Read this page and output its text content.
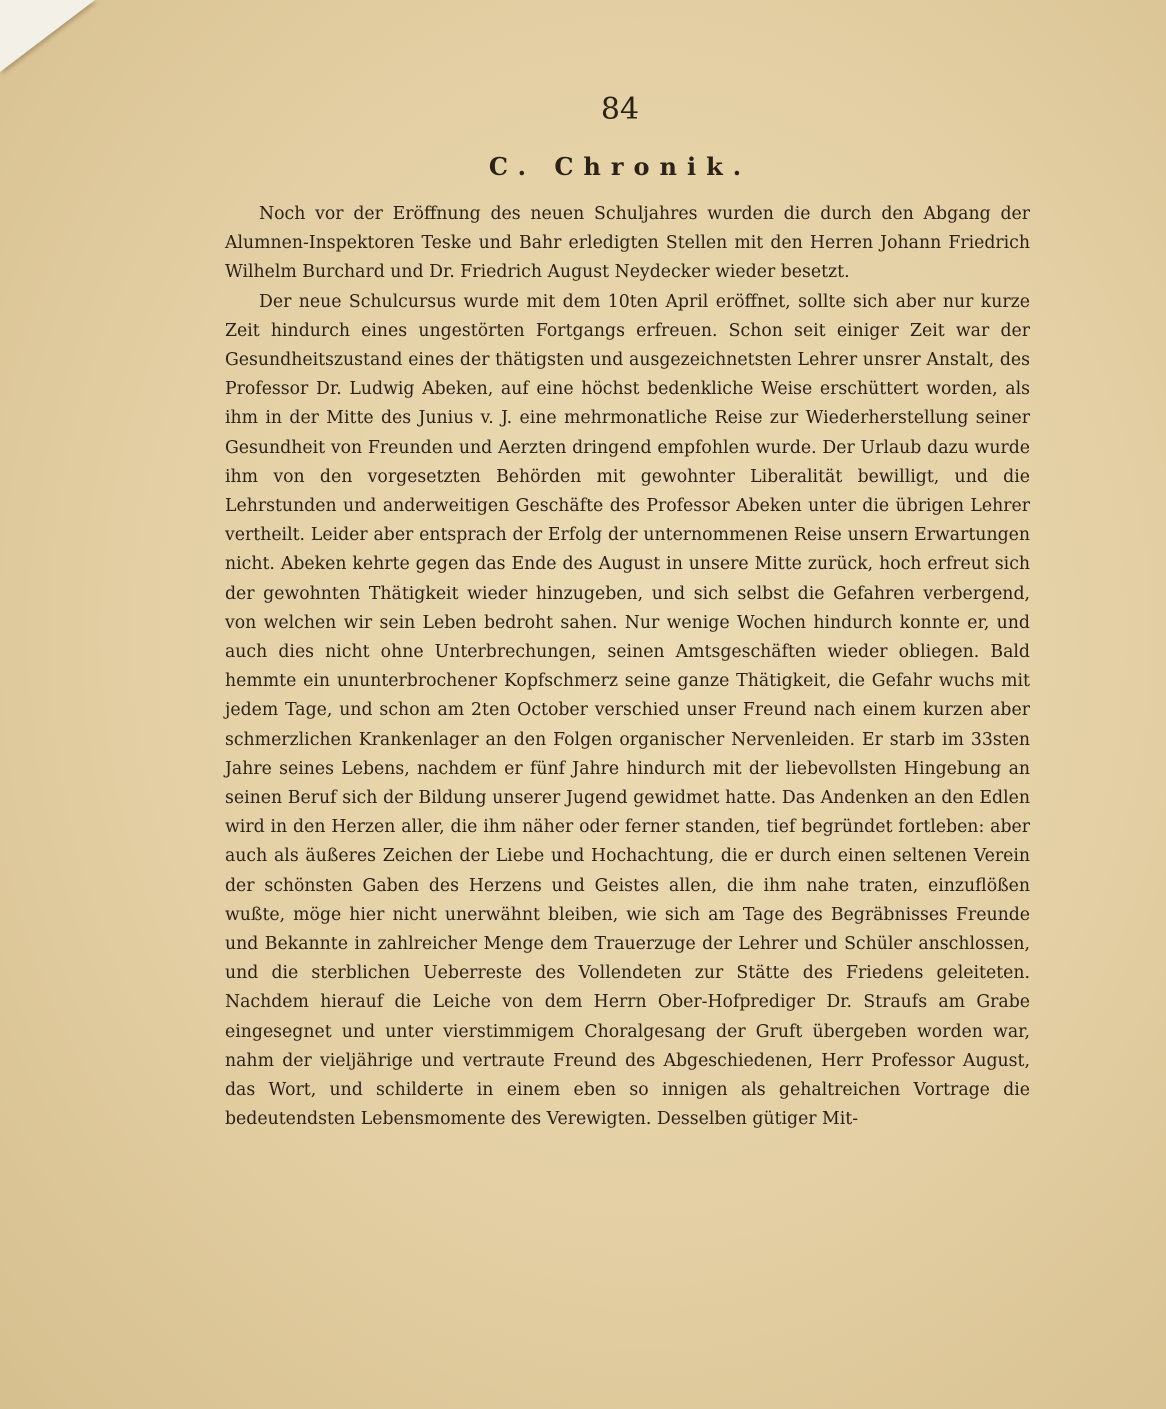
84
C. Chronik.

Noch vor der Eröffnung des neuen Schuljahres wurden die durch den Abgang der Alumnen-Inspektoren Teske und Bahr erledigten Stellen mit den Herren Johann Friedrich Wilhelm Burchard und Dr. Friedrich August Neydecker wieder besetzt.

Der neue Schulcursus wurde mit dem 10ten April eröffnet, sollte sich aber nur kurze Zeit hindurch eines ungestörten Fortgangs erfreuen. Schon seit einiger Zeit war der Gesundheitszustand eines der thätigsten und ausgezeichnetsten Lehrer unsrer Anstalt, des Professor Dr. Ludwig Abeken, auf eine höchst bedenkliche Weise erschüttert worden, als ihm in der Mitte des Junius v. J. eine mehrmonatliche Reise zur Wiederherstellung seiner Gesundheit von Freunden und Aerzten dringend empfohlen wurde. Der Urlaub dazu wurde ihm von den vorgesetzten Behörden mit gewohnter Liberalität bewilligt, und die Lehrstunden und anderweitigen Geschäfte des Professor Abeken unter die übrigen Lehrer vertheilt. Leider aber entsprach der Erfolg der unternommenen Reise unsern Erwartungen nicht. Abeken kehrte gegen das Ende des August in unsere Mitte zurück, hoch erfreut sich der gewohnten Thätigkeit wieder hinzugeben, und sich selbst die Gefahren verbergend, von welchen wir sein Leben bedroht sahen. Nur wenige Wochen hindurch konnte er, und auch dies nicht ohne Unterbrechungen, seinen Amtsgeschäften wieder obliegen. Bald hemmte ein ununterbrochener Kopfschmerz seine ganze Thätigkeit, die Gefahr wuchs mit jedem Tage, und schon am 2ten October verschied unser Freund nach einem kurzen aber schmerzlichen Krankenlager an den Folgen organischer Nervenleiden. Er starb im 33sten Jahre seines Lebens, nachdem er fünf Jahre hindurch mit der liebevollsten Hingebung an seinen Beruf sich der Bildung unserer Jugend gewidmet hatte. Das Andenken an den Edlen wird in den Herzen aller, die ihm näher oder ferner standen, tief begründet fortleben: aber auch als äußeres Zeichen der Liebe und Hochachtung, die er durch einen seltenen Verein der schönsten Gaben des Herzens und Geistes allen, die ihm nahe traten, einzuflößen wußte, möge hier nicht unerwähnt bleiben, wie sich am Tage des Begräbnisses Freunde und Bekannte in zahlreicher Menge dem Trauerzuge der Lehrer und Schüler anschlossen, und die sterblichen Ueberreste des Vollendeten zur Stätte des Friedens geleiteten. Nachdem hierauf die Leiche von dem Herrn Ober-Hofprediger Dr. Straufs am Grabe eingesegnet und unter vierstimmigem Choralgesang der Gruft übergeben worden war, nahm der vieljährige und vertraute Freund des Abgeschiedenen, Herr Professor August, das Wort, und schilderte in einem eben so innigen als gehaltreichen Vortrage die bedeutendsten Lebensmomente des Verewigten. Desselben gütiger Mit-
